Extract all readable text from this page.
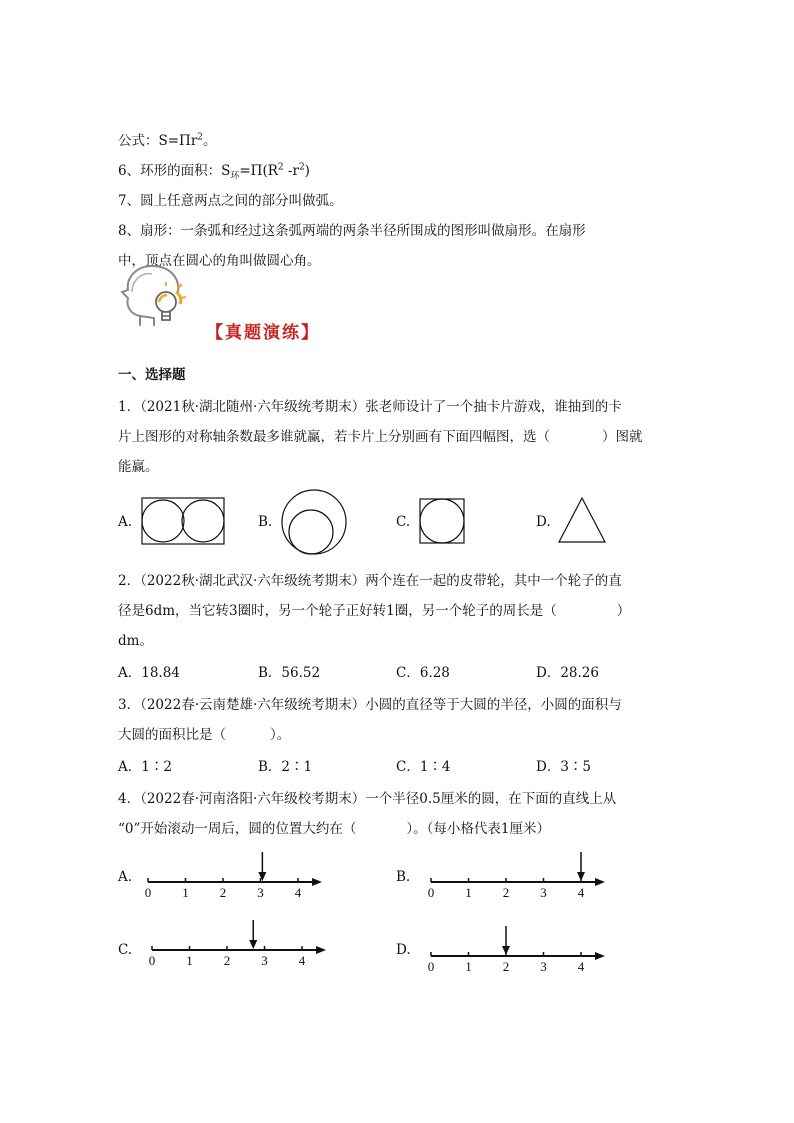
公式：$S=\Pi r^2$。
6、环形的面积：$S_环=\Pi(R^2$ $-r^2$)
7、圆上任意两点之间的部分叫做弧。
8、扇形：一条弧和经过这条弧两端的两条半径所围成的图形叫做扇形。在扇形
中，顶点在圆心的角叫做圆心角。
【真题演练】
一、选择题
1．（2021秋·湖北随州·六年级统考期末）张老师设计了一个抽卡片游戏，谁抽到的卡
片上图形的对称轴条数最多谁就赢，若卡片上分别画有下面四幅图，选（	）图就
能赢。
A.	B.	C.	D.
2．（2022秋·湖北武汉·六年级统考期末）两个连在一起的皮带轮，其中一个轮子的直
径是6dm，当它转3圈时，另一个轮子正好转1圈，另一个轮子的周长是（	）
dm。
A．18.84	B．56.52	C．6.28	D．28.26
3．（2022春·云南楚雄·六年级统考期末）小圆的直径等于大圆的半径，小圆的面积与
大圆的面积比是（	）。
A．1∶2	B．2∶1	C．1∶4	D．3∶5
4．（2022春·河南洛阳·六年级校考期末）一个半径0.5厘米的圆，在下面的直线上从
“0”开始滚动一周后，圆的位置大约在（	）。（每小格代表1厘米）
A.	B.
C.	D.
0 1 2 3 4	0 1 2 3 4
0 1 2 3 4	0 1 2 3 4
